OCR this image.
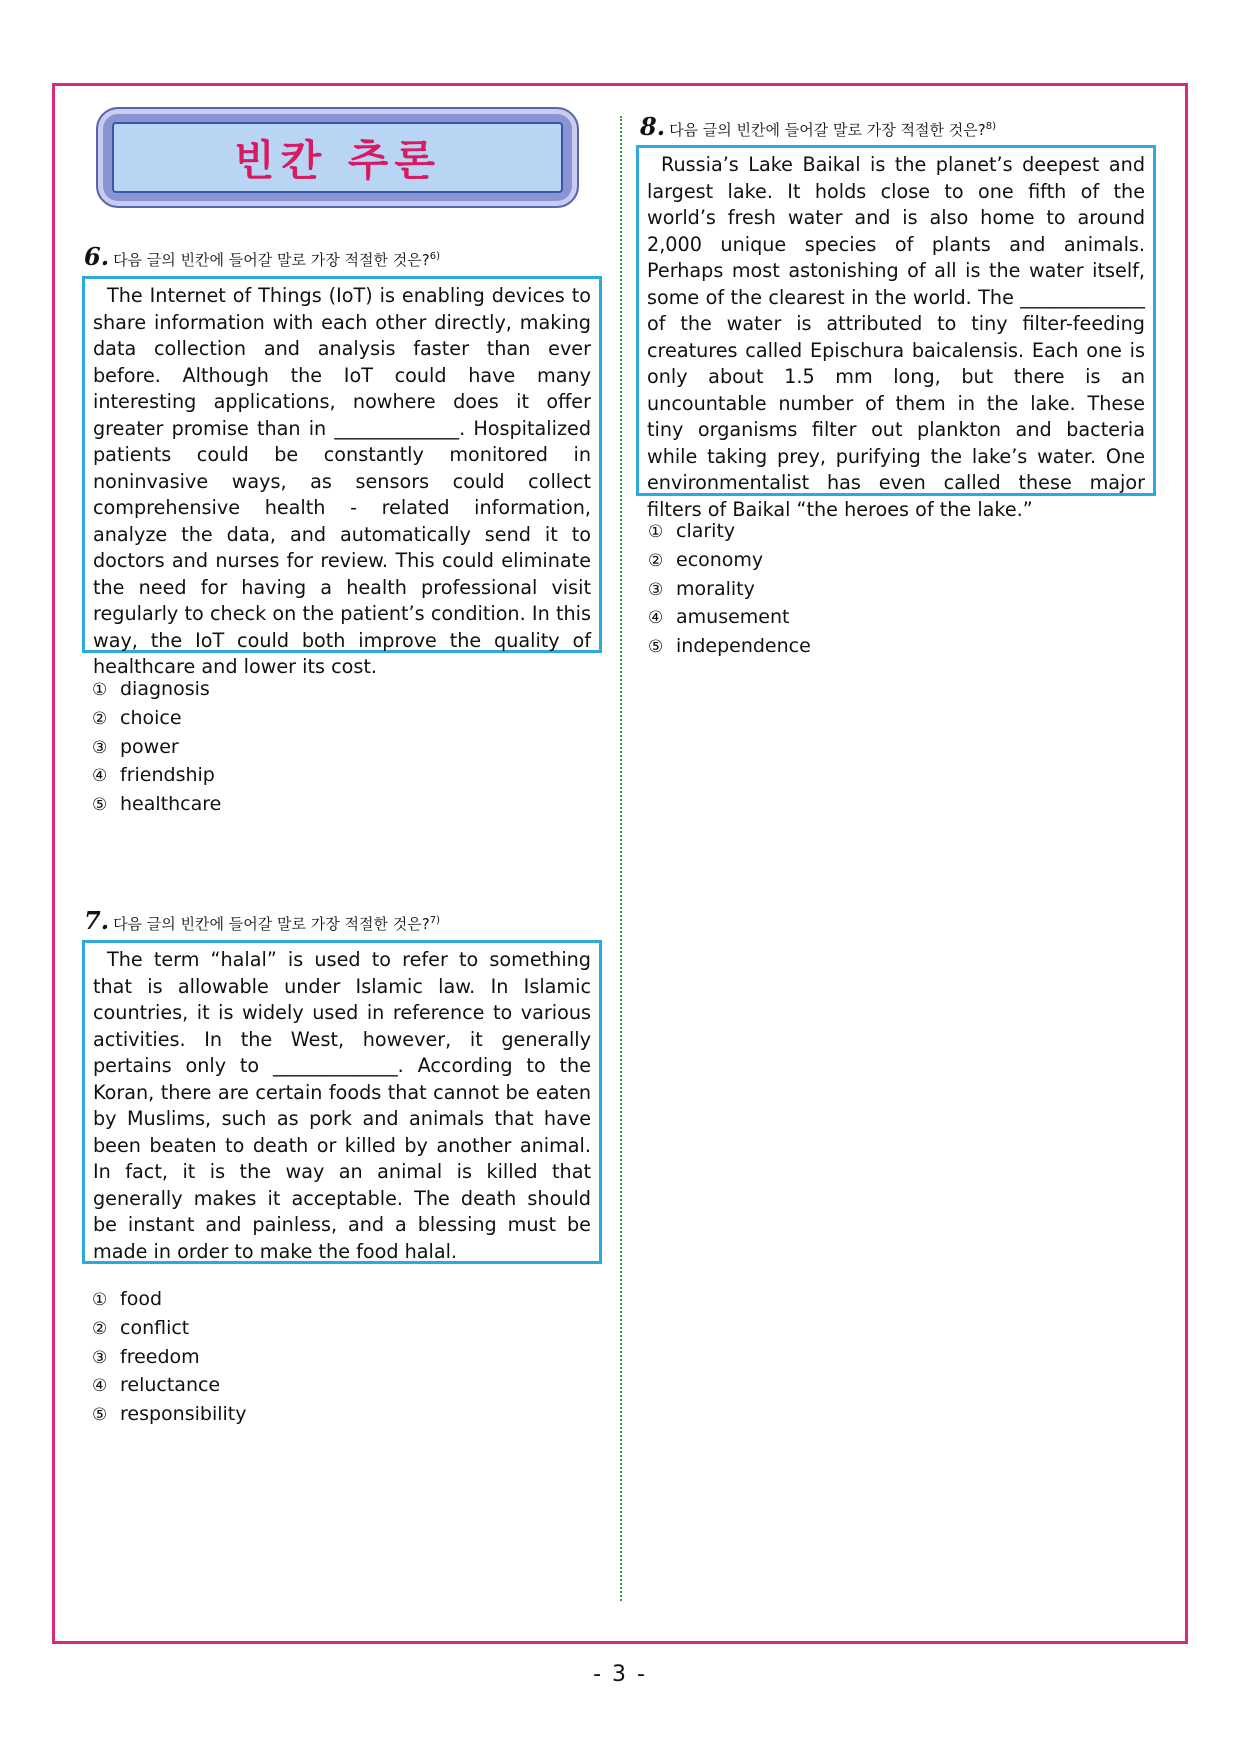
빈칸 추론
6. 다음 글의 빈칸에 들어갈 말로 가장 적절한 것은?$^{6)}$
The Internet of Things (IoT) is enabling devices to share information with each other directly, making data collection and analysis faster than ever before. Although the IoT could have many interesting applications, nowhere does it offer greater promise than in _____________. Hospitalized patients could be constantly monitored in noninvasive ways, as sensors could collect comprehensive health - related information, analyze the data, and automatically send it to doctors and nurses for review. This could eliminate the need for having a health professional visit regularly to check on the patient’s condition. In this way, the IoT could both improve the quality of healthcare and lower its cost.
① diagnosis
② choice
③ power
④ friendship
⑤ healthcare
7. 다음 글의 빈칸에 들어갈 말로 가장 적절한 것은?$^{7)}$
The term “halal” is used to refer to something that is allowable under Islamic law. In Islamic countries, it is widely used in reference to various activities. In the West, however, it generally pertains only to _____________. According to the Koran, there are certain foods that cannot be eaten by Muslims, such as pork and animals that have been beaten to death or killed by another animal. In fact, it is the way an animal is killed that generally makes it acceptable. The death should be instant and painless, and a blessing must be made in order to make the food halal.
① food
② conflict
③ freedom
④ reluctance
⑤ responsibility
8. 다음 글의 빈칸에 들어갈 말로 가장 적절한 것은?$^{8)}$
Russia’s Lake Baikal is the planet’s deepest and largest lake. It holds close to one fifth of the world’s fresh water and is also home to around 2,000 unique species of plants and animals. Perhaps most astonishing of all is the water itself, some of the clearest in the world. The _____________ of the water is attributed to tiny filter-feeding creatures called Epischura baicalensis. Each one is only about 1.5 mm long, but there is an uncountable number of them in the lake. These tiny organisms filter out plankton and bacteria while taking prey, purifying the lake’s water. One environmentalist has even called these major filters of Baikal “the heroes of the lake.”
① clarity
② economy
③ morality
④ amusement
⑤ independence
- 3 -
